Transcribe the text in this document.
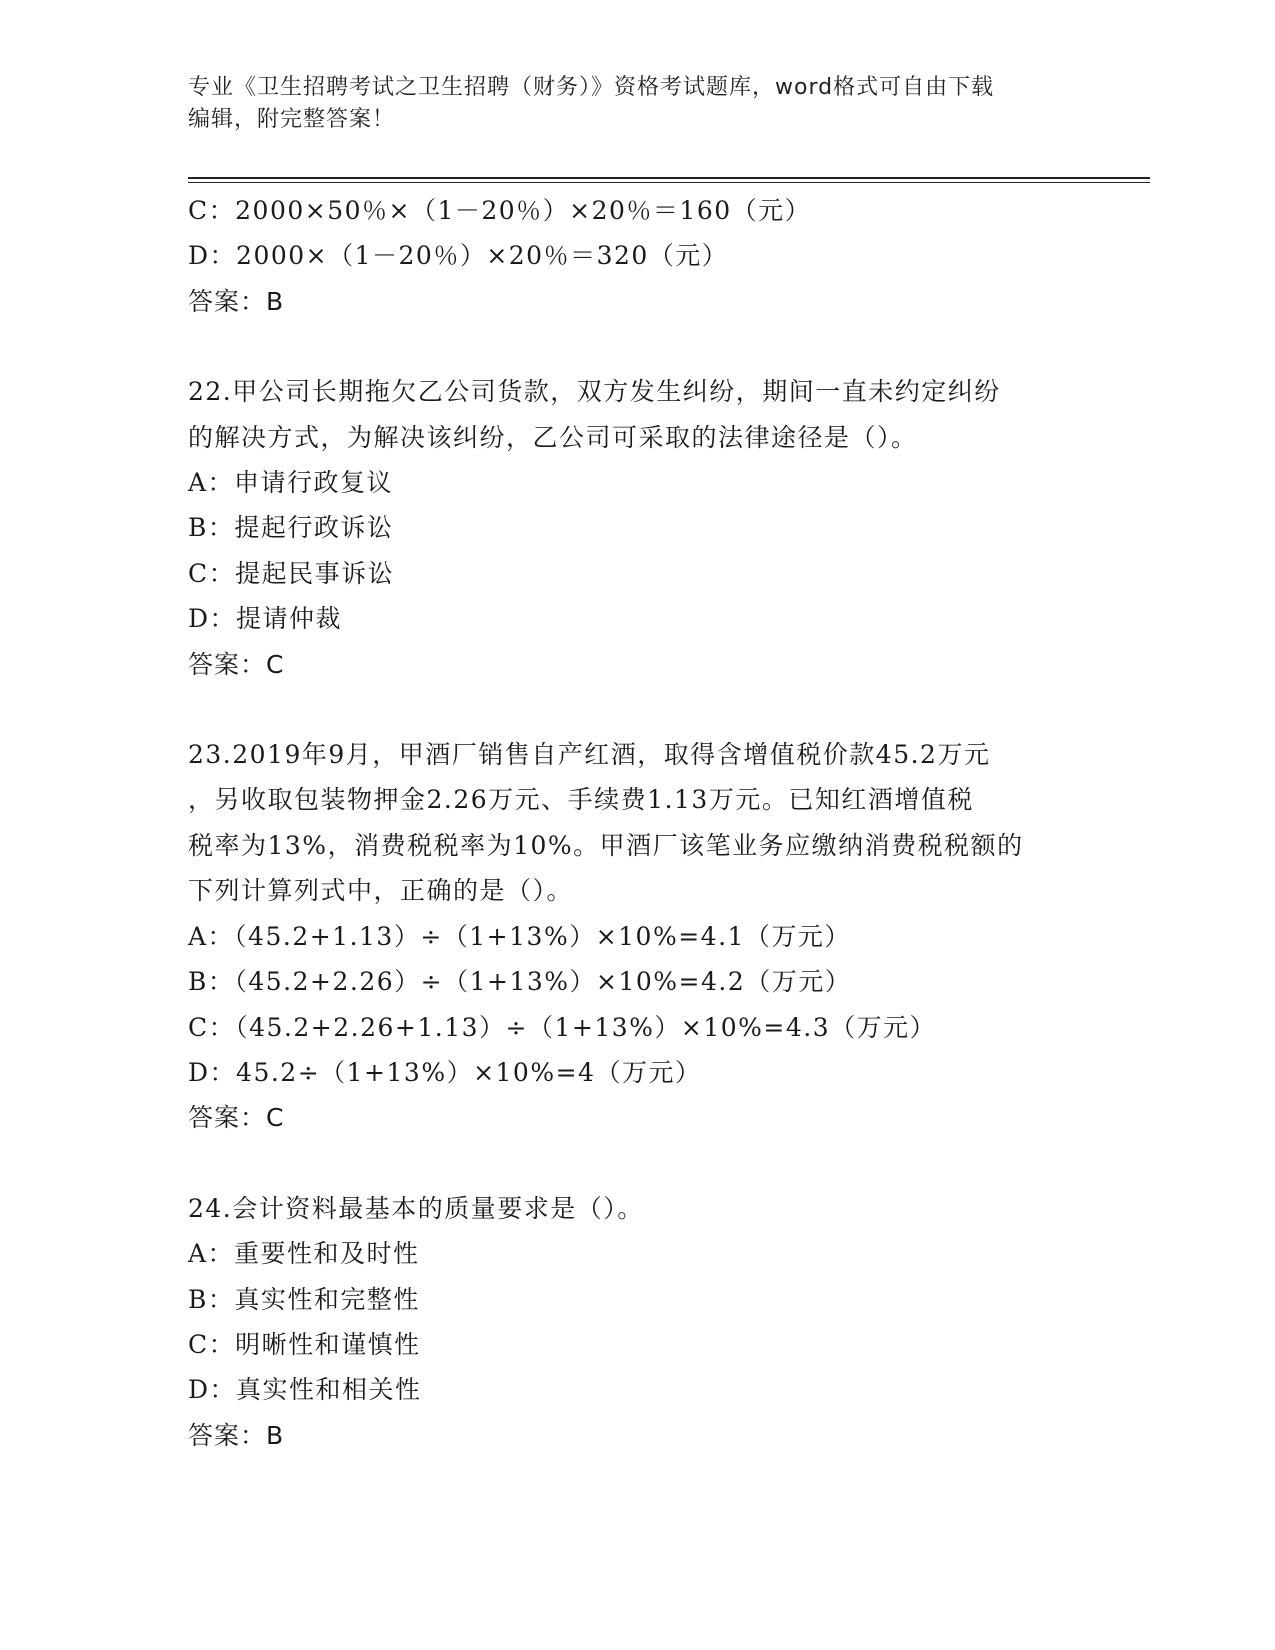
专业《卫生招聘考试之卫生招聘（财务）》资格考试题库，word格式可自由下载
编辑，附完整答案！
C：2000×50％×（1－20％）×20％＝160（元）
D：2000×（1－20％）×20％＝320（元）
答案：B
22.甲公司长期拖欠乙公司货款，双方发生纠纷，期间一直未约定纠纷
的解决方式，为解决该纠纷，乙公司可采取的法律途径是（）。
A：申请行政复议
B：提起行政诉讼
C：提起民事诉讼
D：提请仲裁
答案：C
23.2019年9月，甲酒厂销售自产红酒，取得含增值税价款45.2万元
，另收取包装物押金2.26万元、手续费1.13万元。已知红酒增值税
税率为13%，消费税税率为10%。甲酒厂该笔业务应缴纳消费税税额的
下列计算列式中，正确的是（）。
A：（45.2+1.13）÷（1+13%）×10%=4.1（万元）
B：（45.2+2.26）÷（1+13%）×10%=4.2（万元）
C：（45.2+2.26+1.13）÷（1+13%）×10%=4.3（万元）
D：45.2÷（1+13%）×10%=4（万元）
答案：C
24.会计资料最基本的质量要求是（）。
A：重要性和及时性
B：真实性和完整性
C：明晰性和谨慎性
D：真实性和相关性
答案：B
